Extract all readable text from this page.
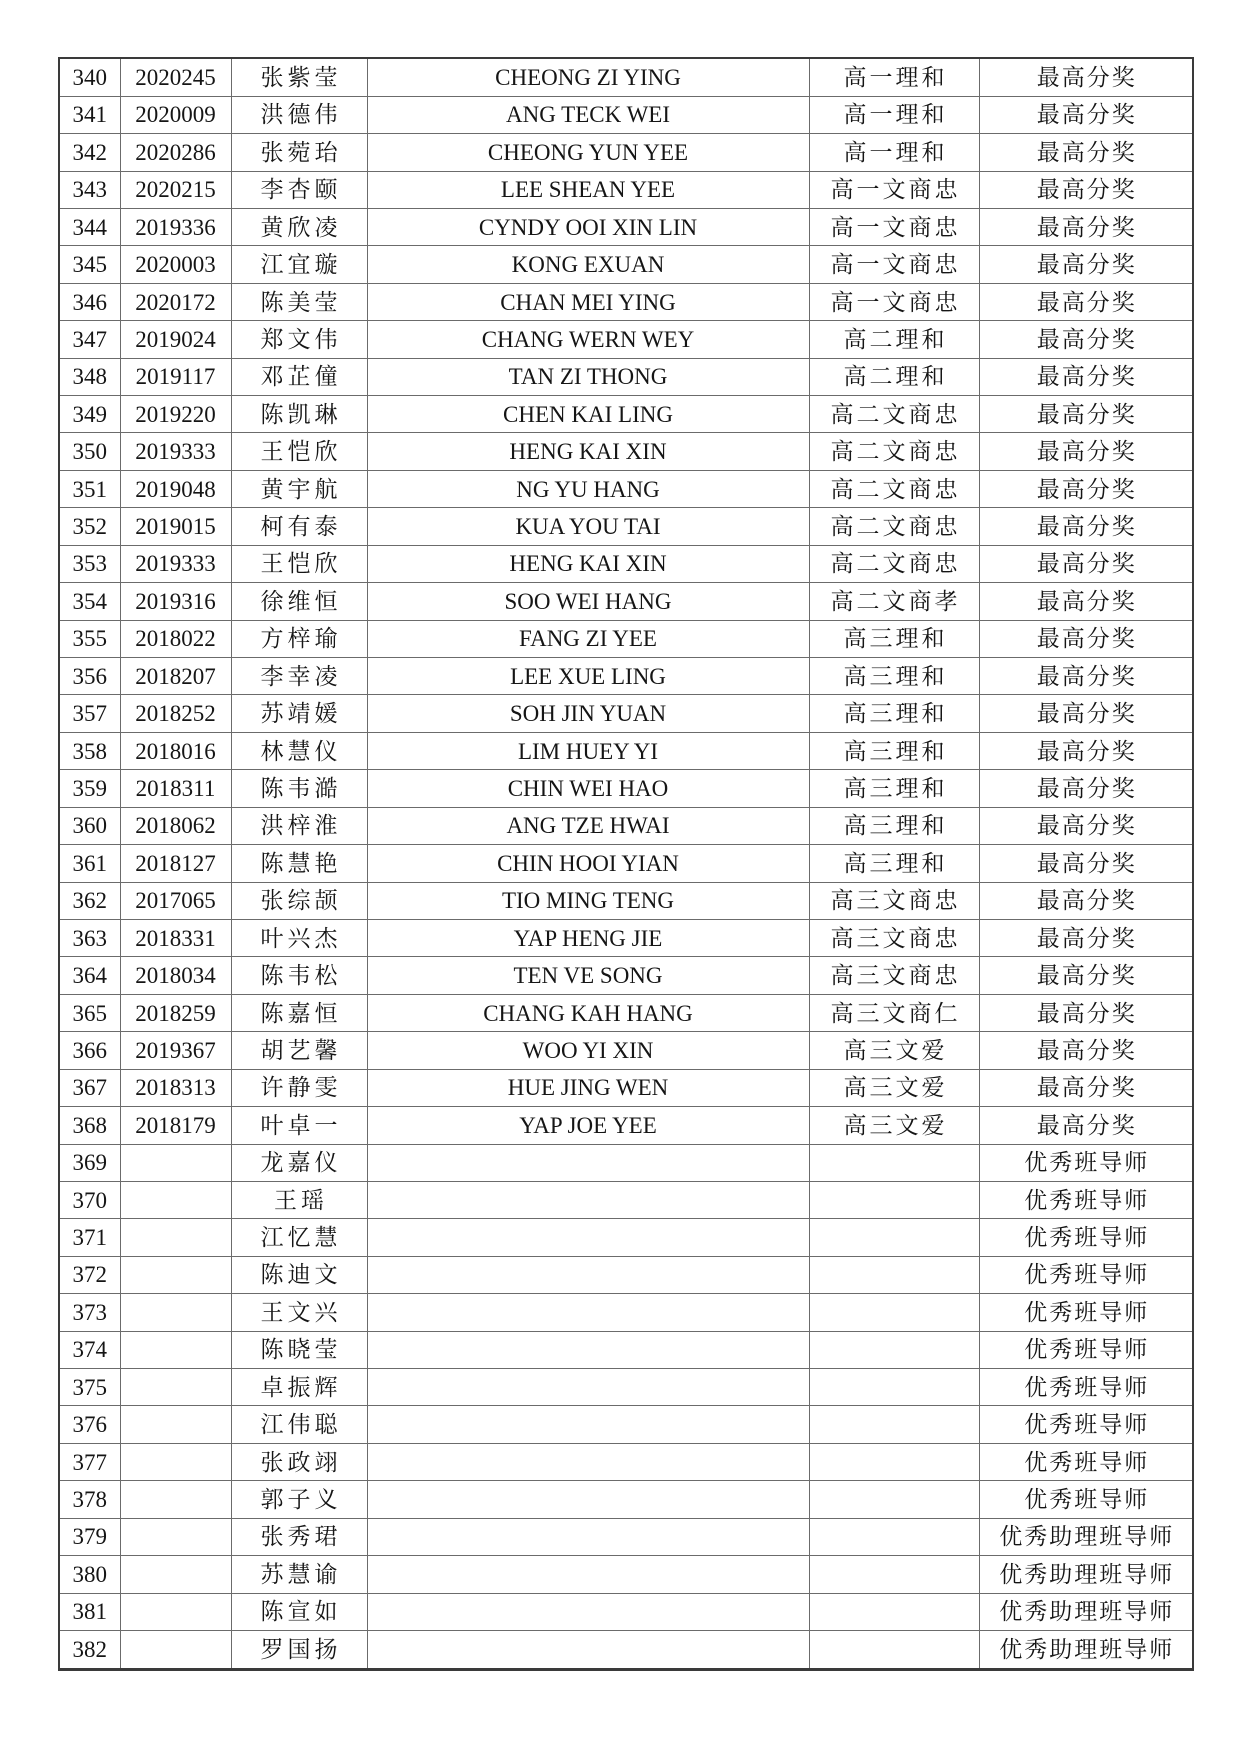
340	2020245	张紫莹	CHEONG ZI YING	高一理和	最高分奖
341	2020009	洪德伟	ANG TECK WEI	高一理和	最高分奖
342	2020286	张菀珆	CHEONG YUN YEE	高一理和	最高分奖
343	2020215	李杏颐	LEE SHEAN YEE	高一文商忠	最高分奖
344	2019336	黄欣凌	CYNDY OOI XIN LIN	高一文商忠	最高分奖
345	2020003	江宜璇	KONG EXUAN	高一文商忠	最高分奖
346	2020172	陈美莹	CHAN MEI YING	高一文商忠	最高分奖
347	2019024	郑文伟	CHANG WERN WEY	高二理和	最高分奖
348	2019117	邓芷僮	TAN ZI THONG	高二理和	最高分奖
349	2019220	陈凯琳	CHEN KAI LING	高二文商忠	最高分奖
350	2019333	王恺欣	HENG KAI XIN	高二文商忠	最高分奖
351	2019048	黄宇航	NG YU HANG	高二文商忠	最高分奖
352	2019015	柯有泰	KUA YOU TAI	高二文商忠	最高分奖
353	2019333	王恺欣	HENG KAI XIN	高二文商忠	最高分奖
354	2019316	徐维恒	SOO WEI HANG	高二文商孝	最高分奖
355	2018022	方梓瑜	FANG ZI YEE	高三理和	最高分奖
356	2018207	李幸凌	LEE XUE LING	高三理和	最高分奖
357	2018252	苏靖媛	SOH JIN YUAN	高三理和	最高分奖
358	2018016	林慧仪	LIM HUEY YI	高三理和	最高分奖
359	2018311	陈韦澔	CHIN WEI HAO	高三理和	最高分奖
360	2018062	洪梓淮	ANG TZE HWAI	高三理和	最高分奖
361	2018127	陈慧艳	CHIN HOOI YIAN	高三理和	最高分奖
362	2017065	张综颉	TIO MING TENG	高三文商忠	最高分奖
363	2018331	叶兴杰	YAP HENG JIE	高三文商忠	最高分奖
364	2018034	陈韦松	TEN VE SONG	高三文商忠	最高分奖
365	2018259	陈嘉恒	CHANG KAH HANG	高三文商仁	最高分奖
366	2019367	胡艺馨	WOO YI XIN	高三文爱	最高分奖
367	2018313	许静雯	HUE JING WEN	高三文爱	最高分奖
368	2018179	叶卓一	YAP JOE YEE	高三文爱	最高分奖
369		龙嘉仪			优秀班导师
370		王瑶			优秀班导师
371		江忆慧			优秀班导师
372		陈迪文			优秀班导师
373		王文兴			优秀班导师
374		陈晓莹			优秀班导师
375		卓振辉			优秀班导师
376		江伟聪			优秀班导师
377		张政翊			优秀班导师
378		郭子义			优秀班导师
379		张秀珺			优秀助理班导师
380		苏慧谕			优秀助理班导师
381		陈宣如			优秀助理班导师
382		罗国扬			优秀助理班导师
